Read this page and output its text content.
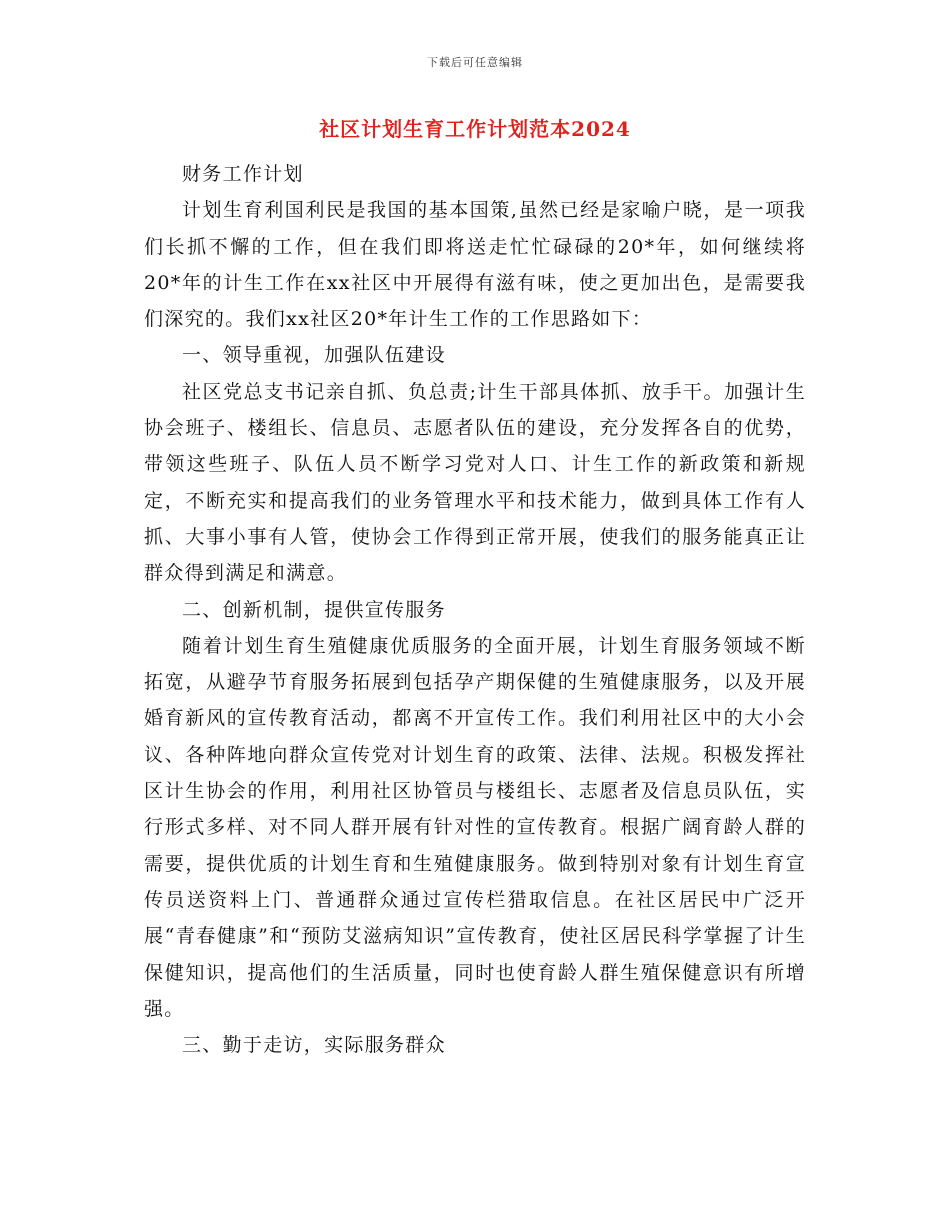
下载后可任意编辑
社区计划生育工作计划范本2024

财务工作计划

计划生育利国利民是我国的基本国策,虽然已经是家喻户晓，是一项我们长抓不懈的工作，但在我们即将送走忙忙碌碌的20*年，如何继续将20*年的计生工作在xx社区中开展得有滋有味，使之更加出色，是需要我们深究的。我们xx社区20*年计生工作的工作思路如下：

一、领导重视，加强队伍建设

社区党总支书记亲自抓、负总责;计生干部具体抓、放手干。加强计生协会班子、楼组长、信息员、志愿者队伍的建设，充分发挥各自的优势，带领这些班子、队伍人员不断学习党对人口、计生工作的新政策和新规定，不断充实和提高我们的业务管理水平和技术能力，做到具体工作有人抓、大事小事有人管，使协会工作得到正常开展，使我们的服务能真正让群众得到满足和满意。

二、创新机制，提供宣传服务

随着计划生育生殖健康优质服务的全面开展，计划生育服务领域不断拓宽，从避孕节育服务拓展到包括孕产期保健的生殖健康服务，以及开展婚育新风的宣传教育活动，都离不开宣传工作。我们利用社区中的大小会议、各种阵地向群众宣传党对计划生育的政策、法律、法规。积极发挥社区计生协会的作用，利用社区协管员与楼组长、志愿者及信息员队伍，实行形式多样、对不同人群开展有针对性的宣传教育。根据广阔育龄人群的需要，提供优质的计划生育和生殖健康服务。做到特别对象有计划生育宣传员送资料上门、普通群众通过宣传栏猎取信息。在社区居民中广泛开展“青春健康”和“预防艾滋病知识”宣传教育，使社区居民科学掌握了计生保健知识，提高他们的生活质量，同时也使育龄人群生殖保健意识有所增强。

三、勤于走访，实际服务群众
